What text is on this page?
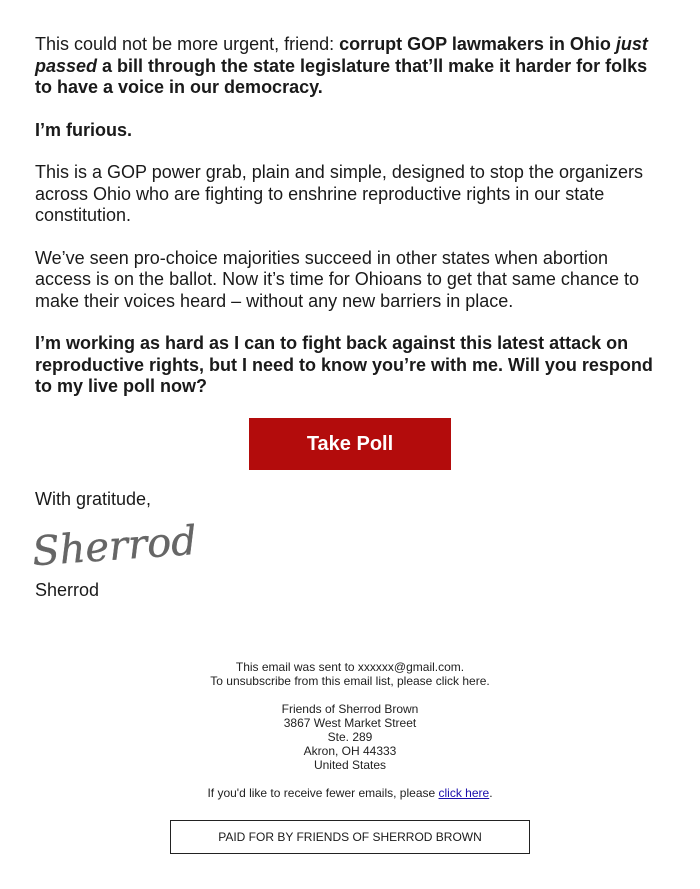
This could not be more urgent, friend: corrupt GOP lawmakers in Ohio just passed a bill through the state legislature that’ll make it harder for folks to have a voice in our democracy.

I’m furious.

This is a GOP power grab, plain and simple, designed to stop the organizers across Ohio who are fighting to enshrine reproductive rights in our state constitution.

We’ve seen pro-choice majorities succeed in other states when abortion access is on the ballot. Now it’s time for Ohioans to get that same chance to make their voices heard – without any new barriers in place.

I’m working as hard as I can to fight back against this latest attack on reproductive rights, but I need to know you’re with me. Will you respond to my live poll now?

Take Poll
With gratitude,
Sherrod
Sherrod
This email was sent to xxxxxx@gmail.com.
To unsubscribe from this email list, please click here.
Friends of Sherrod Brown
3867 West Market Street
Ste. 289
Akron, OH 44333
United States
If you'd like to receive fewer emails, please click here.
PAID FOR BY FRIENDS OF SHERROD BROWN
